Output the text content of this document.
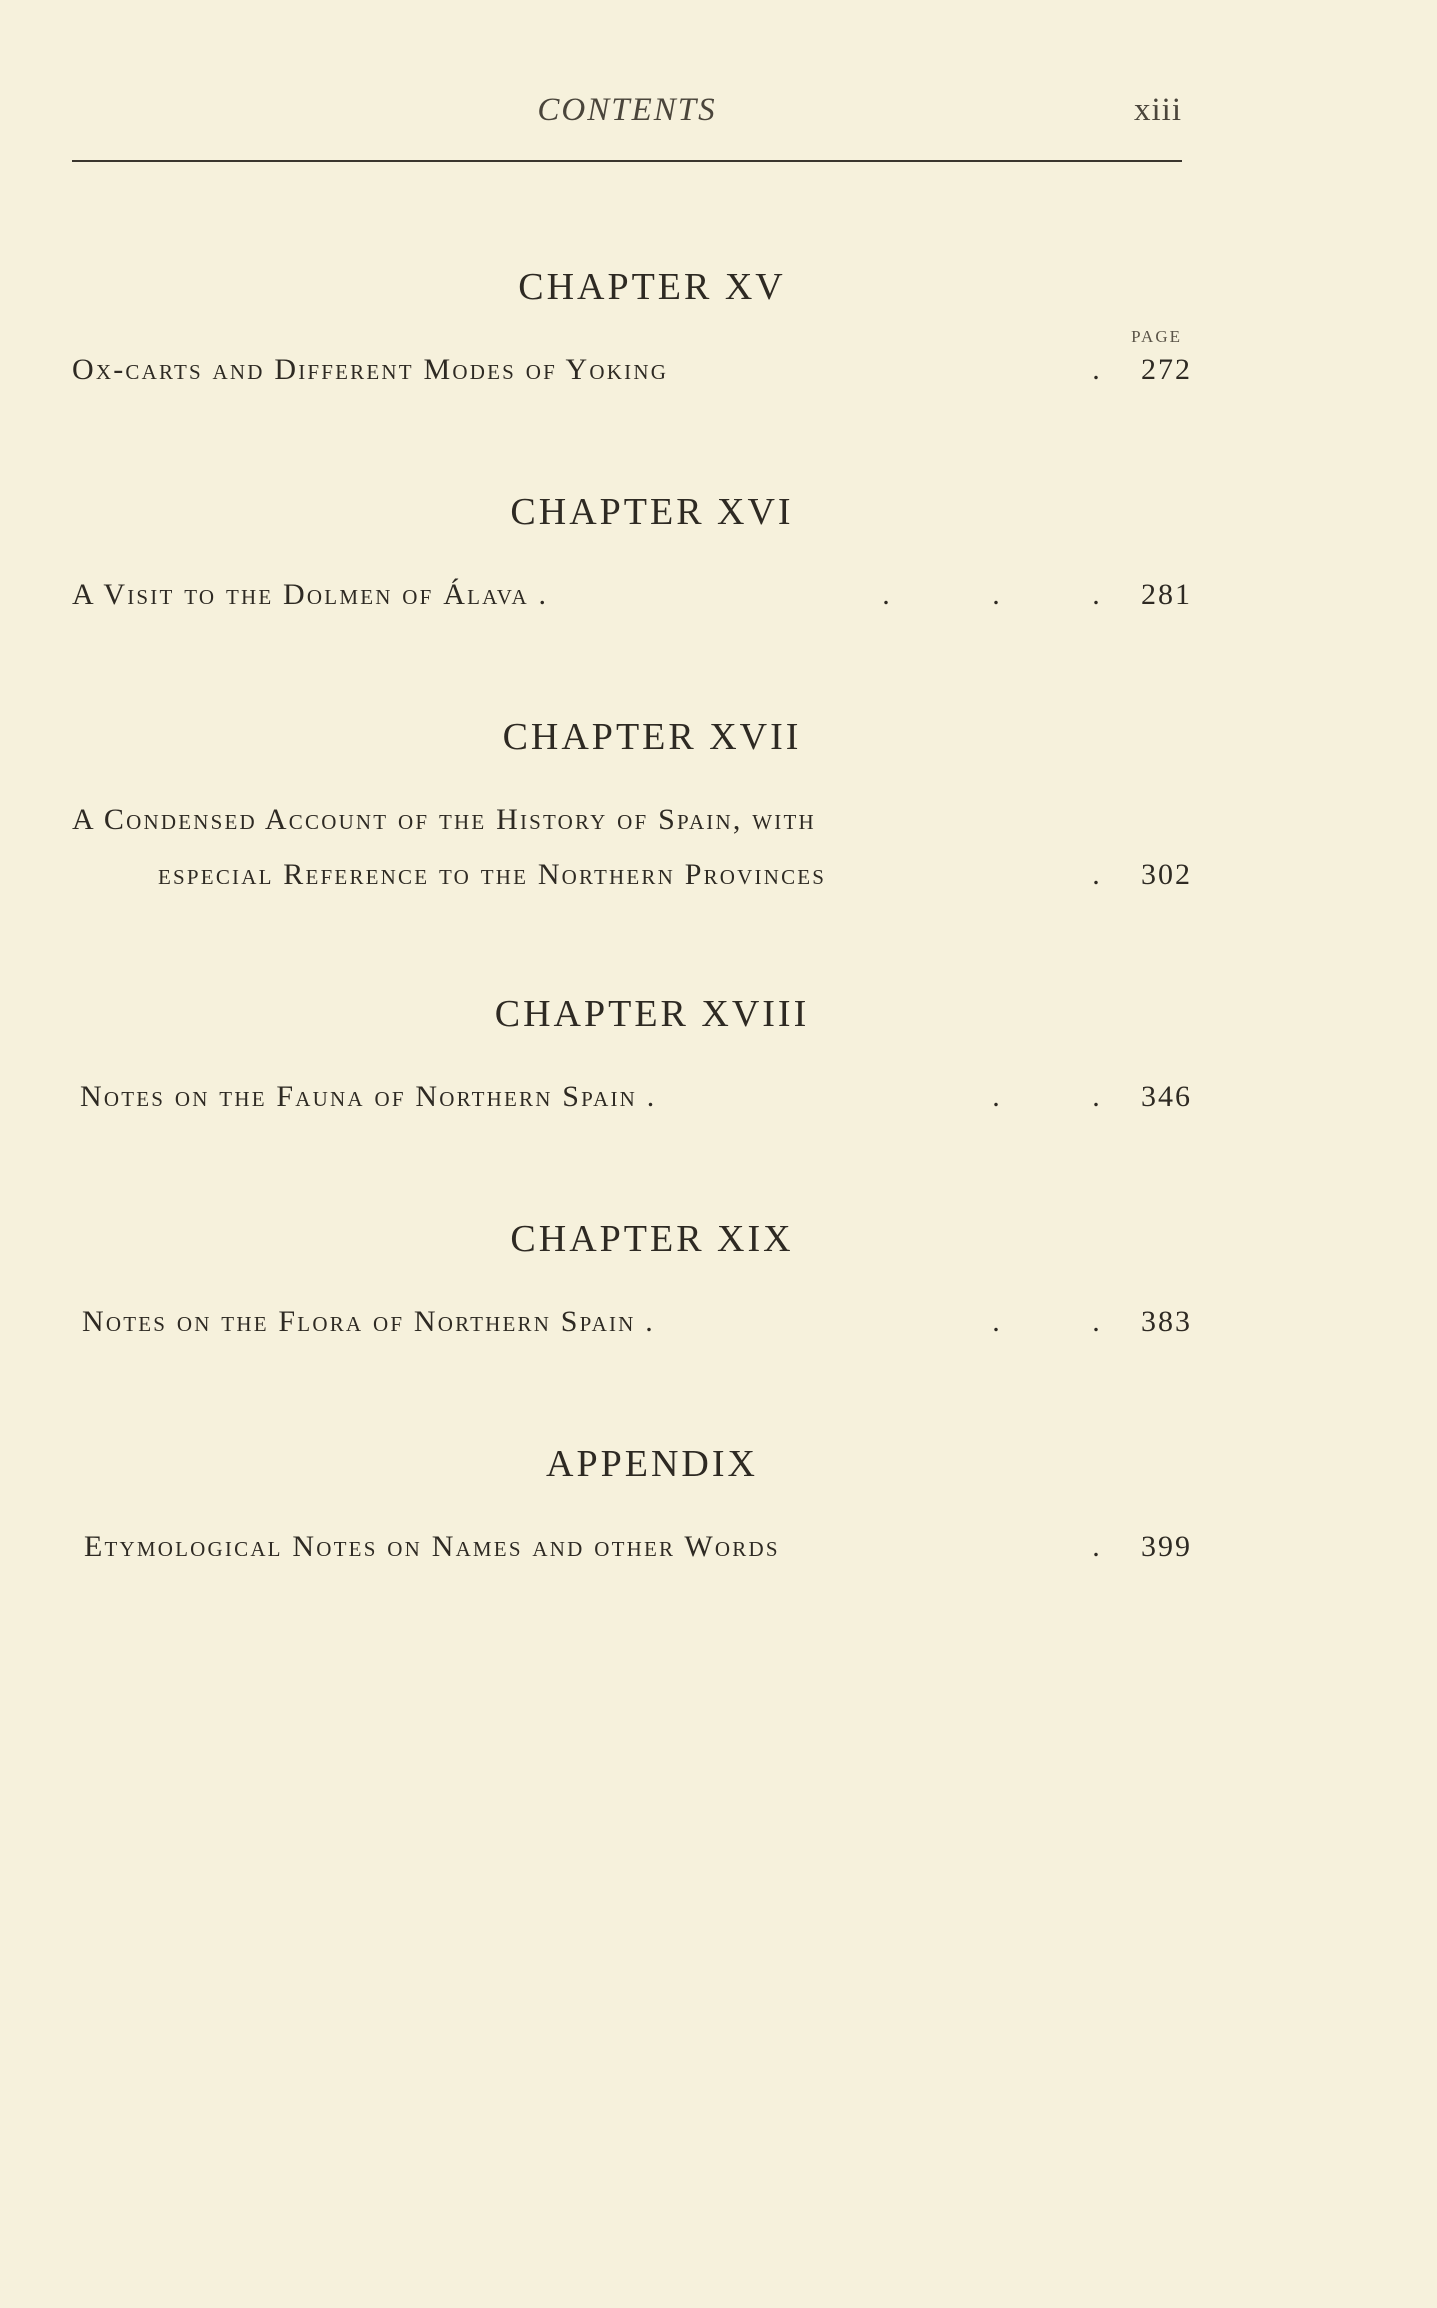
CONTENTS	xiii
CHAPTER XV
PAGE
Ox-carts and Different Modes of Yoking	. 272
CHAPTER XVI
A Visit to the Dolmen of Álava .	.	.	. 281
CHAPTER XVII
A Condensed Account of the History of Spain, with
especial Reference to the Northern Provinces	. 302
CHAPTER XVIII
Notes on the Fauna of Northern Spain .	.	. 346
CHAPTER XIX
Notes on the Flora of Northern Spain .	.	. 383
APPENDIX
Etymological Notes on Names and other Words	. 399
